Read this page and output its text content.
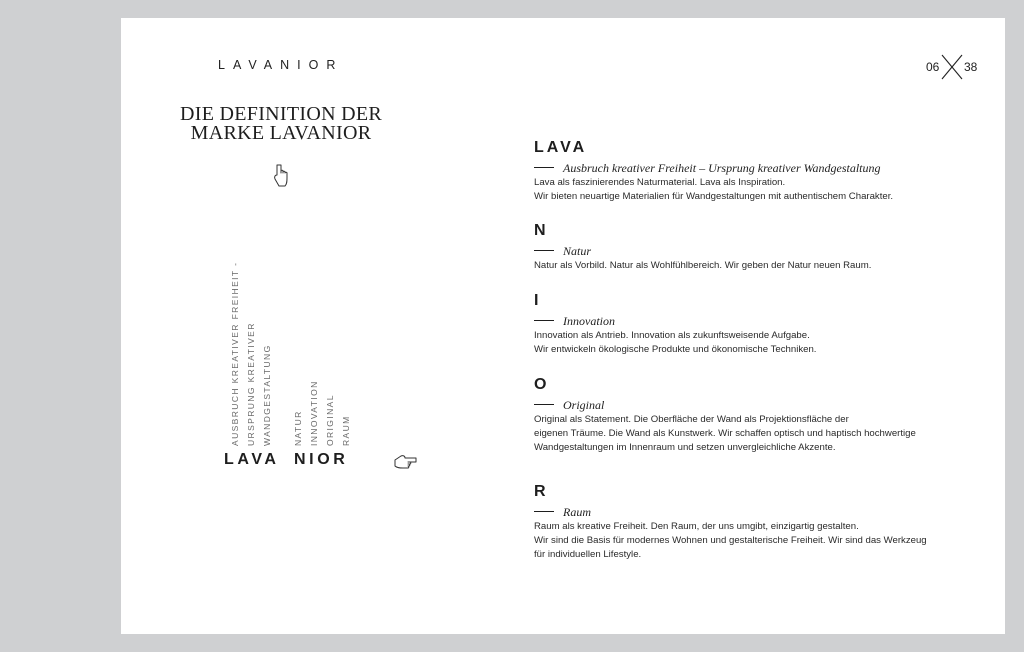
LAVANIOR	06 38
DIE DEFINITION DER
MARKE LAVANIOR
AUSBRUCH KREATIVER FREIHEIT - URSPRUNG KREATIVER WANDGESTALTUNG NATUR INNOVATION ORIGINAL RAUM
LAVA NIOR
LAVA
Ausbruch kreativer Freiheit – Ursprung kreativer Wandgestaltung

Lava als faszinierendes Naturmaterial. Lava als Inspiration.

Wir bieten neuartige Materialien für Wandgestaltungen mit authentischem Charakter.

N
Natur

Natur als Vorbild. Natur als Wohlfühlbereich. Wir geben der Natur neuen Raum.

I
Innovation

Innovation als Antrieb. Innovation als zukunftsweisende Aufgabe.

Wir entwickeln ökologische Produkte und ökonomische Techniken.

O
Original

Original als Statement. Die Oberfläche der Wand als Projektionsfläche der

eigenen Träume. Die Wand als Kunstwerk. Wir schaffen optisch und haptisch hochwertige

Wandgestaltungen im Innenraum und setzen unvergleichliche Akzente.

R
Raum

Raum als kreative Freiheit. Den Raum, der uns umgibt, einzigartig gestalten.

Wir sind die Basis für modernes Wohnen und gestalterische Freiheit. Wir sind das Werkzeug

für individuellen Lifestyle.
